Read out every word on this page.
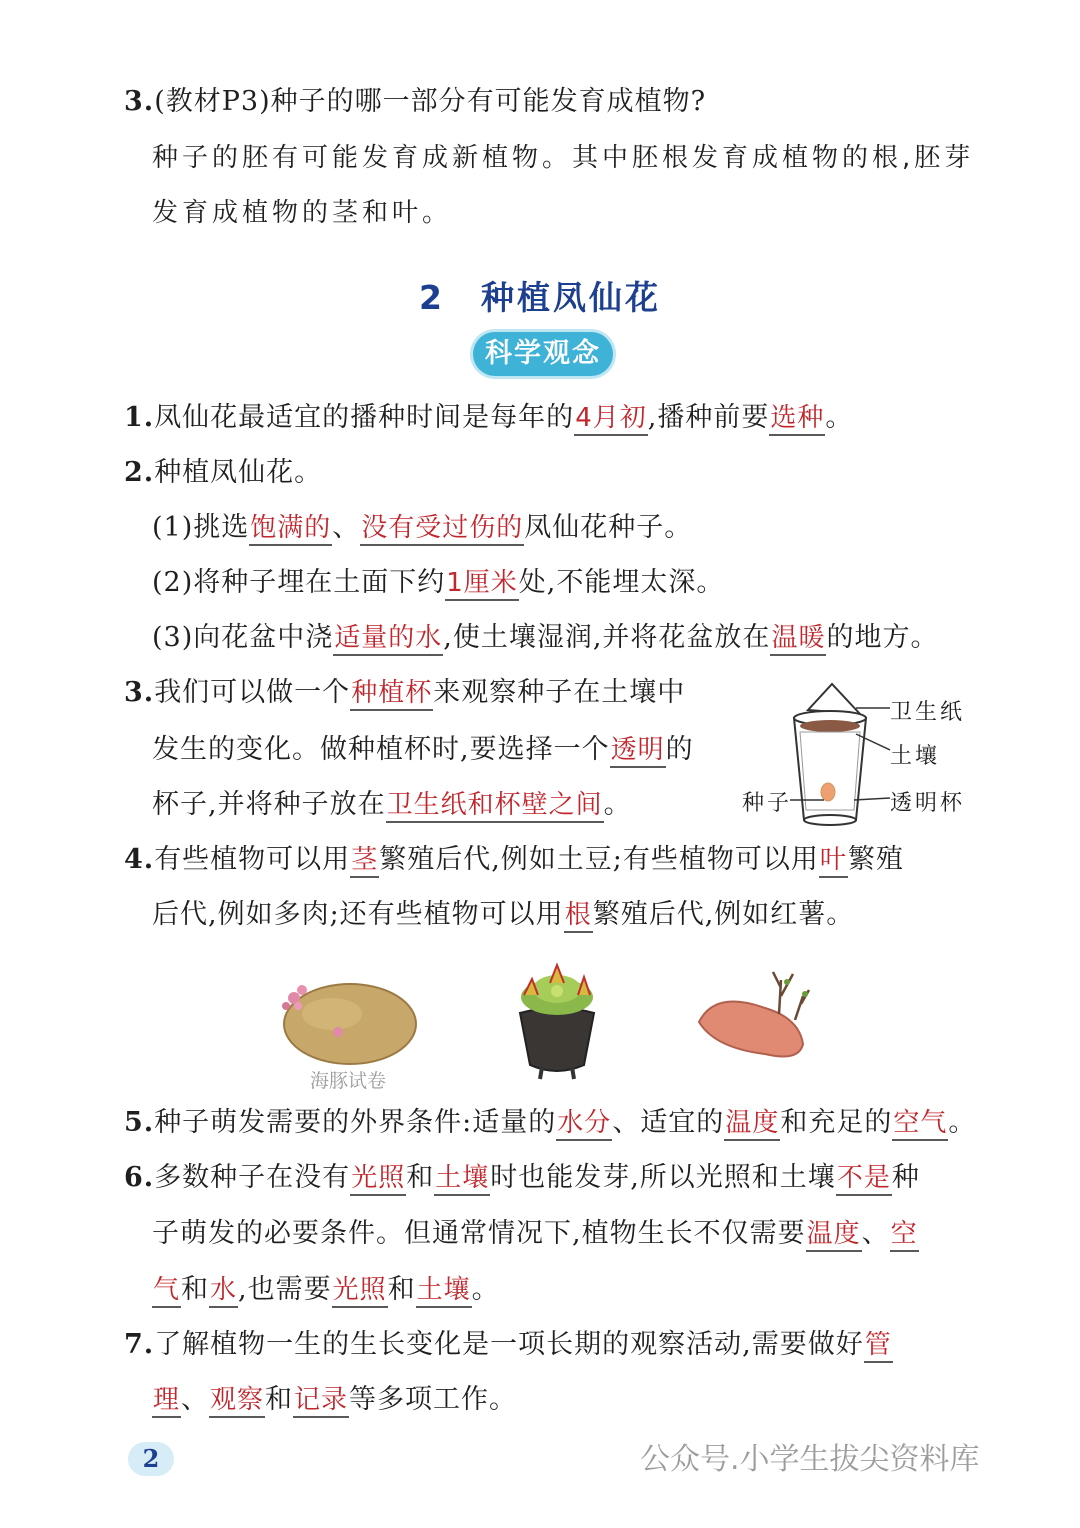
3.(教材P3)种子的哪一部分有可能发育成植物?
种子的胚有可能发育成新植物。其中胚根发育成植物的根,胚芽
发育成植物的茎和叶。
2　种植凤仙花
科学观念
1.凤仙花最适宜的播种时间是每年的4月初,播种前要选种。
2.种植凤仙花。
(1)挑选饱满的、没有受过伤的凤仙花种子。
(2)将种子埋在土面下约1厘米处,不能埋太深。
(3)向花盆中浇适量的水,使土壤湿润,并将花盆放在温暖的地方。
3.我们可以做一个种植杯来观察种子在土壤中
发生的变化。做种植杯时,要选择一个透明的
杯子,并将种子放在卫生纸和杯壁之间。
卫生纸
土壤
种子	透明杯
4.有些植物可以用茎繁殖后代,例如土豆;有些植物可以用叶繁殖
后代,例如多肉;还有些植物可以用根繁殖后代,例如红薯。
海豚试卷
5.种子萌发需要的外界条件:适量的水分、适宜的温度和充足的空气。
6.多数种子在没有光照和土壤时也能发芽,所以光照和土壤不是种
子萌发的必要条件。但通常情况下,植物生长不仅需要温度、空
气和水,也需要光照和土壤。
7.了解植物一生的生长变化是一项长期的观察活动,需要做好管
理、观察和记录等多项工作。
2	公众号.小学生拔尖资料库
